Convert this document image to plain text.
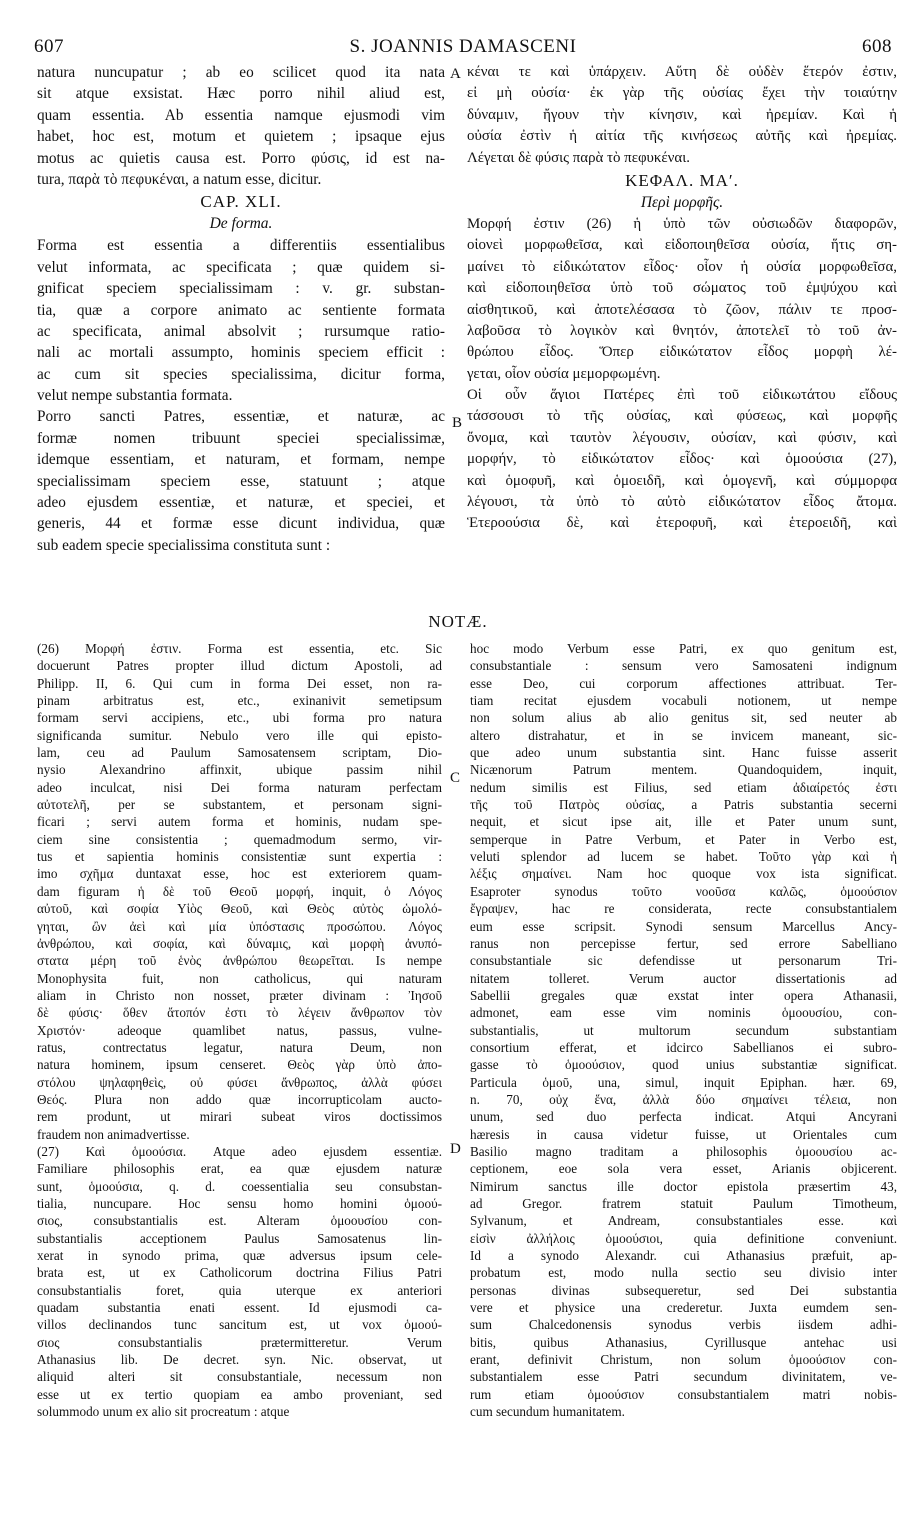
S. JOANNIS DAMASCENI
607	608
natura nuncupatur ; ab eo scilicet quod ita nata
sit atque exsistat. Hæc porro nihil aliud est,
quam essentia. Ab essentia namque ejusmodi vim
habet, hoc est, motum et quietem ; ipsaque ejus
motus ac quietis causa est. Porro φύσις, id est na-
tura, παρὰ τὸ πεφυκέναι, a natum esse, dicitur.
CAP. XLI.
De forma.
Forma est essentia a differentiis essentialibus
velut informata, ac specificata ; quæ quidem si-
gnificat speciem specialissimam : v. gr. substan-
tia, quæ a corpore animato ac sentiente formata
ac specificata, animal absolvit ; rursumque ratio-
nali ac mortali assumpto, hominis speciem efficit :
ac cum sit species specialissima, dicitur forma,
velut nempe substantia formata.
Porro sancti Patres, essentiæ, et naturæ, ac
formæ nomen tribuunt speciei specialissimæ,
idemque essentiam, et naturam, et formam, nempe
specialissimam speciem esse, statuunt ; atque
adeo ejusdem essentiæ, et naturæ, et speciei, et
generis, 44 et formæ esse dicunt individua, quæ
sub eadem specie specialissima constituta sunt :
κέναι τε καὶ ὑπάρχειν. Αὕτη δὲ οὐδὲν ἕτερόν ἐστιν,
εἰ μὴ οὐσία· ἐκ γὰρ τῆς οὐσίας ἔχει τὴν τοιαύτην
δύναμιν, ἤγουν τὴν κίνησιν, καὶ ἠρεμίαν. Καὶ ἡ
οὐσία ἐστὶν ἡ αἰτία τῆς κινήσεως αὐτῆς καὶ ἠρεμίας.
Λέγεται δὲ φύσις παρὰ τὸ πεφυκέναι.
ΚΕΦΑΛ. ΜΑʹ.
Περὶ μορφῆς.
Μορφή ἐστιν (26) ἡ ὑπὸ τῶν οὐσιωδῶν διαφορῶν,
οἱονεὶ μορφωθεῖσα, καὶ εἰδοποιηθεῖσα οὐσία, ἥτις ση-
μαίνει τὸ εἰδικώτατον εἶδος· οἷον ἡ οὐσία μορφωθεῖσα,
καὶ εἰδοποιηθεῖσα ὑπὸ τοῦ σώματος τοῦ ἐμψύχου καὶ
αἰσθητικοῦ, καὶ ἀποτελέσασα τὸ ζῶον, πάλιν τε προσ-
λαβοῦσα τὸ λογικὸν καὶ θνητόν, ἀποτελεῖ τὸ τοῦ ἀν-
θρώπου εἶδος. Ὅπερ εἰδικώτατον εἶδος μορφὴ λέ-
γεται, οἷον οὐσία μεμορφωμένη.
Οἱ οὖν ἅγιοι Πατέρες ἐπὶ τοῦ εἰδικωτάτου εἴδους
τάσσουσι τὸ τῆς οὐσίας, καὶ φύσεως, καὶ μορφῆς
ὄνομα, καὶ ταυτὸν λέγουσιν, οὐσίαν, καὶ φύσιν, καὶ
μορφήν, τὸ εἰδικώτατον εἶδος· καὶ ὁμοούσια (27),
καὶ ὁμοφυῆ, καὶ ὁμοειδῆ, καὶ ὁμογενῆ, καὶ σύμμορφα
λέγουσι, τὰ ὑπὸ τὸ αὐτὸ εἰδικώτατον εἶδος ἄτομα.
Ἑτεροούσια δὲ, καὶ ἑτεροφυῆ, καὶ ἑτεροειδῆ, καὶ
A
B
C
D
NOTÆ.
(26) Μορφή ἐστιν. Forma est essentia, etc. Sic
docuerunt Patres propter illud dictum Apostoli, ad
Philipp. II, 6. Qui cum in forma Dei esset, non ra-
pinam arbitratus est, etc., exinanivit semetipsum
formam servi accipiens, etc., ubi forma pro natura
significanda sumitur. Nebulo vero ille qui episto-
lam, ceu ad Paulum Samosatensem scriptam, Dio-
nysio Alexandrino affinxit, ubique passim nihil
adeo inculcat, nisi Dei forma naturam perfectam
αὐτοτελῆ, per se substantem, et personam signi-
ficari ; servi autem forma et hominis, nudam spe-
ciem sine consistentia ; quemadmodum sermo, vir-
tus et sapientia hominis consistentiæ sunt expertia :
imo σχῆμα duntaxat esse, hoc est exteriorem quam-
dam figuram ἡ δὲ τοῦ Θεοῦ μορφή, inquit, ὁ Λόγος
αὐτοῦ, καὶ σοφία Υἱὸς Θεοῦ, καὶ Θεὸς αὐτὸς ὡμολό-
γηται, ὢν ἀεὶ καὶ μία ὑπόστασις προσώπου. Λόγος
ἀνθρώπου, καὶ σοφία, καὶ δύναμις, καὶ μορφὴ ἀνυπό-
στατα μέρη τοῦ ἑνὸς ἀνθρώπου θεωρεῖται. Is nempe
Monophysita fuit, non catholicus, qui naturam
aliam in Christo non nosset, præter divinam : Ἰησοῦ
δὲ φύσις· ὅθεν ἄτοπόν ἐστι τὸ λέγειν ἄνθρωπον τὸν
Χριστόν· adeoque quamlibet natus, passus, vulne-
ratus, contrectatus legatur, natura Deum, non
natura hominem, ipsum censeret. Θεὸς γὰρ ὑπὸ ἀπο-
στόλου ψηλαφηθεὶς, οὐ φύσει ἄνθρωπος, ἀλλὰ φύσει
Θεός. Plura non addo quæ incorrupticolam aucto-
rem produnt, ut mirari subeat viros doctissimos
fraudem non animadvertisse.
(27) Καὶ ὁμοούσια. Atque adeo ejusdem essentiæ.
Familiare philosophis erat, ea quæ ejusdem naturæ
sunt, ὁμοούσια, q. d. coessentialia seu consubstan-
tialia, nuncupare. Hoc sensu homo homini ὁμοού-
σιος, consubstantialis est. Alteram ὁμοουσίου con-
substantialis acceptionem Paulus Samosatenus lin-
xerat in synodo prima, quæ adversus ipsum cele-
brata est, ut ex Catholicorum doctrina Filius Patri
consubstantialis foret, quia uterque ex anteriori
quadam substantia enati essent. Id ejusmodi ca-
villos declinandos tunc sancitum est, ut vox ὁμοού-
σιος consubstantialis prætermitteretur. Verum
Athanasius lib. De decret. syn. Nic. observat, ut
aliquid alteri sit consubstantiale, necessum non
esse ut ex tertio quopiam ea ambo proveniant, sed
solummodo unum ex alio sit procreatum : atque
hoc modo Verbum esse Patri, ex quo genitum est,
consubstantiale : sensum vero Samosateni indignum
esse Deo, cui corporum affectiones attribuat. Ter-
tiam recitat ejusdem vocabuli notionem, ut nempe
non solum alius ab alio genitus sit, sed neuter ab
altero distrahatur, et in se invicem maneant, sic-
que adeo unum substantia sint. Hanc fuisse asserit
Nicænorum Patrum mentem. Quandoquidem, inquit,
nedum similis est Filius, sed etiam ἀδιαίρετός ἐστι
τῆς τοῦ Πατρὸς οὐσίας, a Patris substantia secerni
nequit, et sicut ipse ait, ille et Pater unum sunt,
semperque in Patre Verbum, et Pater in Verbo est,
veluti splendor ad lucem se habet. Τοῦτο γὰρ καὶ ἡ
λέξις σημαίνει. Nam hoc quoque vox ista significat.
Esaproter synodus τοῦτο νοοῦσα καλῶς, ὁμοούσιον
ἔγραψεν, hac re considerata, recte consubstantialem
eum esse scripsit. Synodi sensum Marcellus Ancy-
ranus non percepisse fertur, sed errore Sabelliano
consubstantiale sic defendisse ut personarum Tri-
nitatem tolleret. Verum auctor dissertationis ad
Sabellii gregales quæ exstat inter opera Athanasii,
admonet, eam esse vim nominis ὁμοουσίου, con-
substantialis, ut multorum secundum substantiam
consortium efferat, et idcirco Sabellianos ei subro-
gasse τὸ ὁμοούσιον, quod unius substantiæ significat.
Particula ὁμοῦ, una, simul, inquit Epiphan. hær. 69,
n. 70, οὐχ ἕνα, ἀλλὰ δύο σημαίνει τέλεια, non
unum, sed duo perfecta indicat. Atqui Ancyrani
hæresis in causa videtur fuisse, ut Orientales cum
Basilio magno traditam a philosophis ὁμοουσίου ac-
ceptionem, eoe sola vera esset, Arianis objicerent.
Nimirum sanctus ille doctor epistola præsertim 43,
ad Gregor. fratrem statuit Paulum Timotheum,
Sylvanum, et Andream, consubstantiales esse. καὶ
εἰσὶν ἀλλήλοις ὁμοούσιοι, quia definitione conveniunt.
Id a synodo Alexandr. cui Athanasius præfuit, ap-
probatum est, modo nulla sectio seu divisio inter
personas divinas subsequeretur, sed Dei substantia
vere et physice una crederetur. Juxta eumdem sen-
sum Chalcedonensis synodus verbis iisdem adhi-
bitis, quibus Athanasius, Cyrillusque antehac usi
erant, definivit Christum, non solum ὁμοούσιον con-
substantialem esse Patri secundum divinitatem, ve-
rum etiam ὁμοούσιον consubstantialem matri nobis-
cum secundum humanitatem.
